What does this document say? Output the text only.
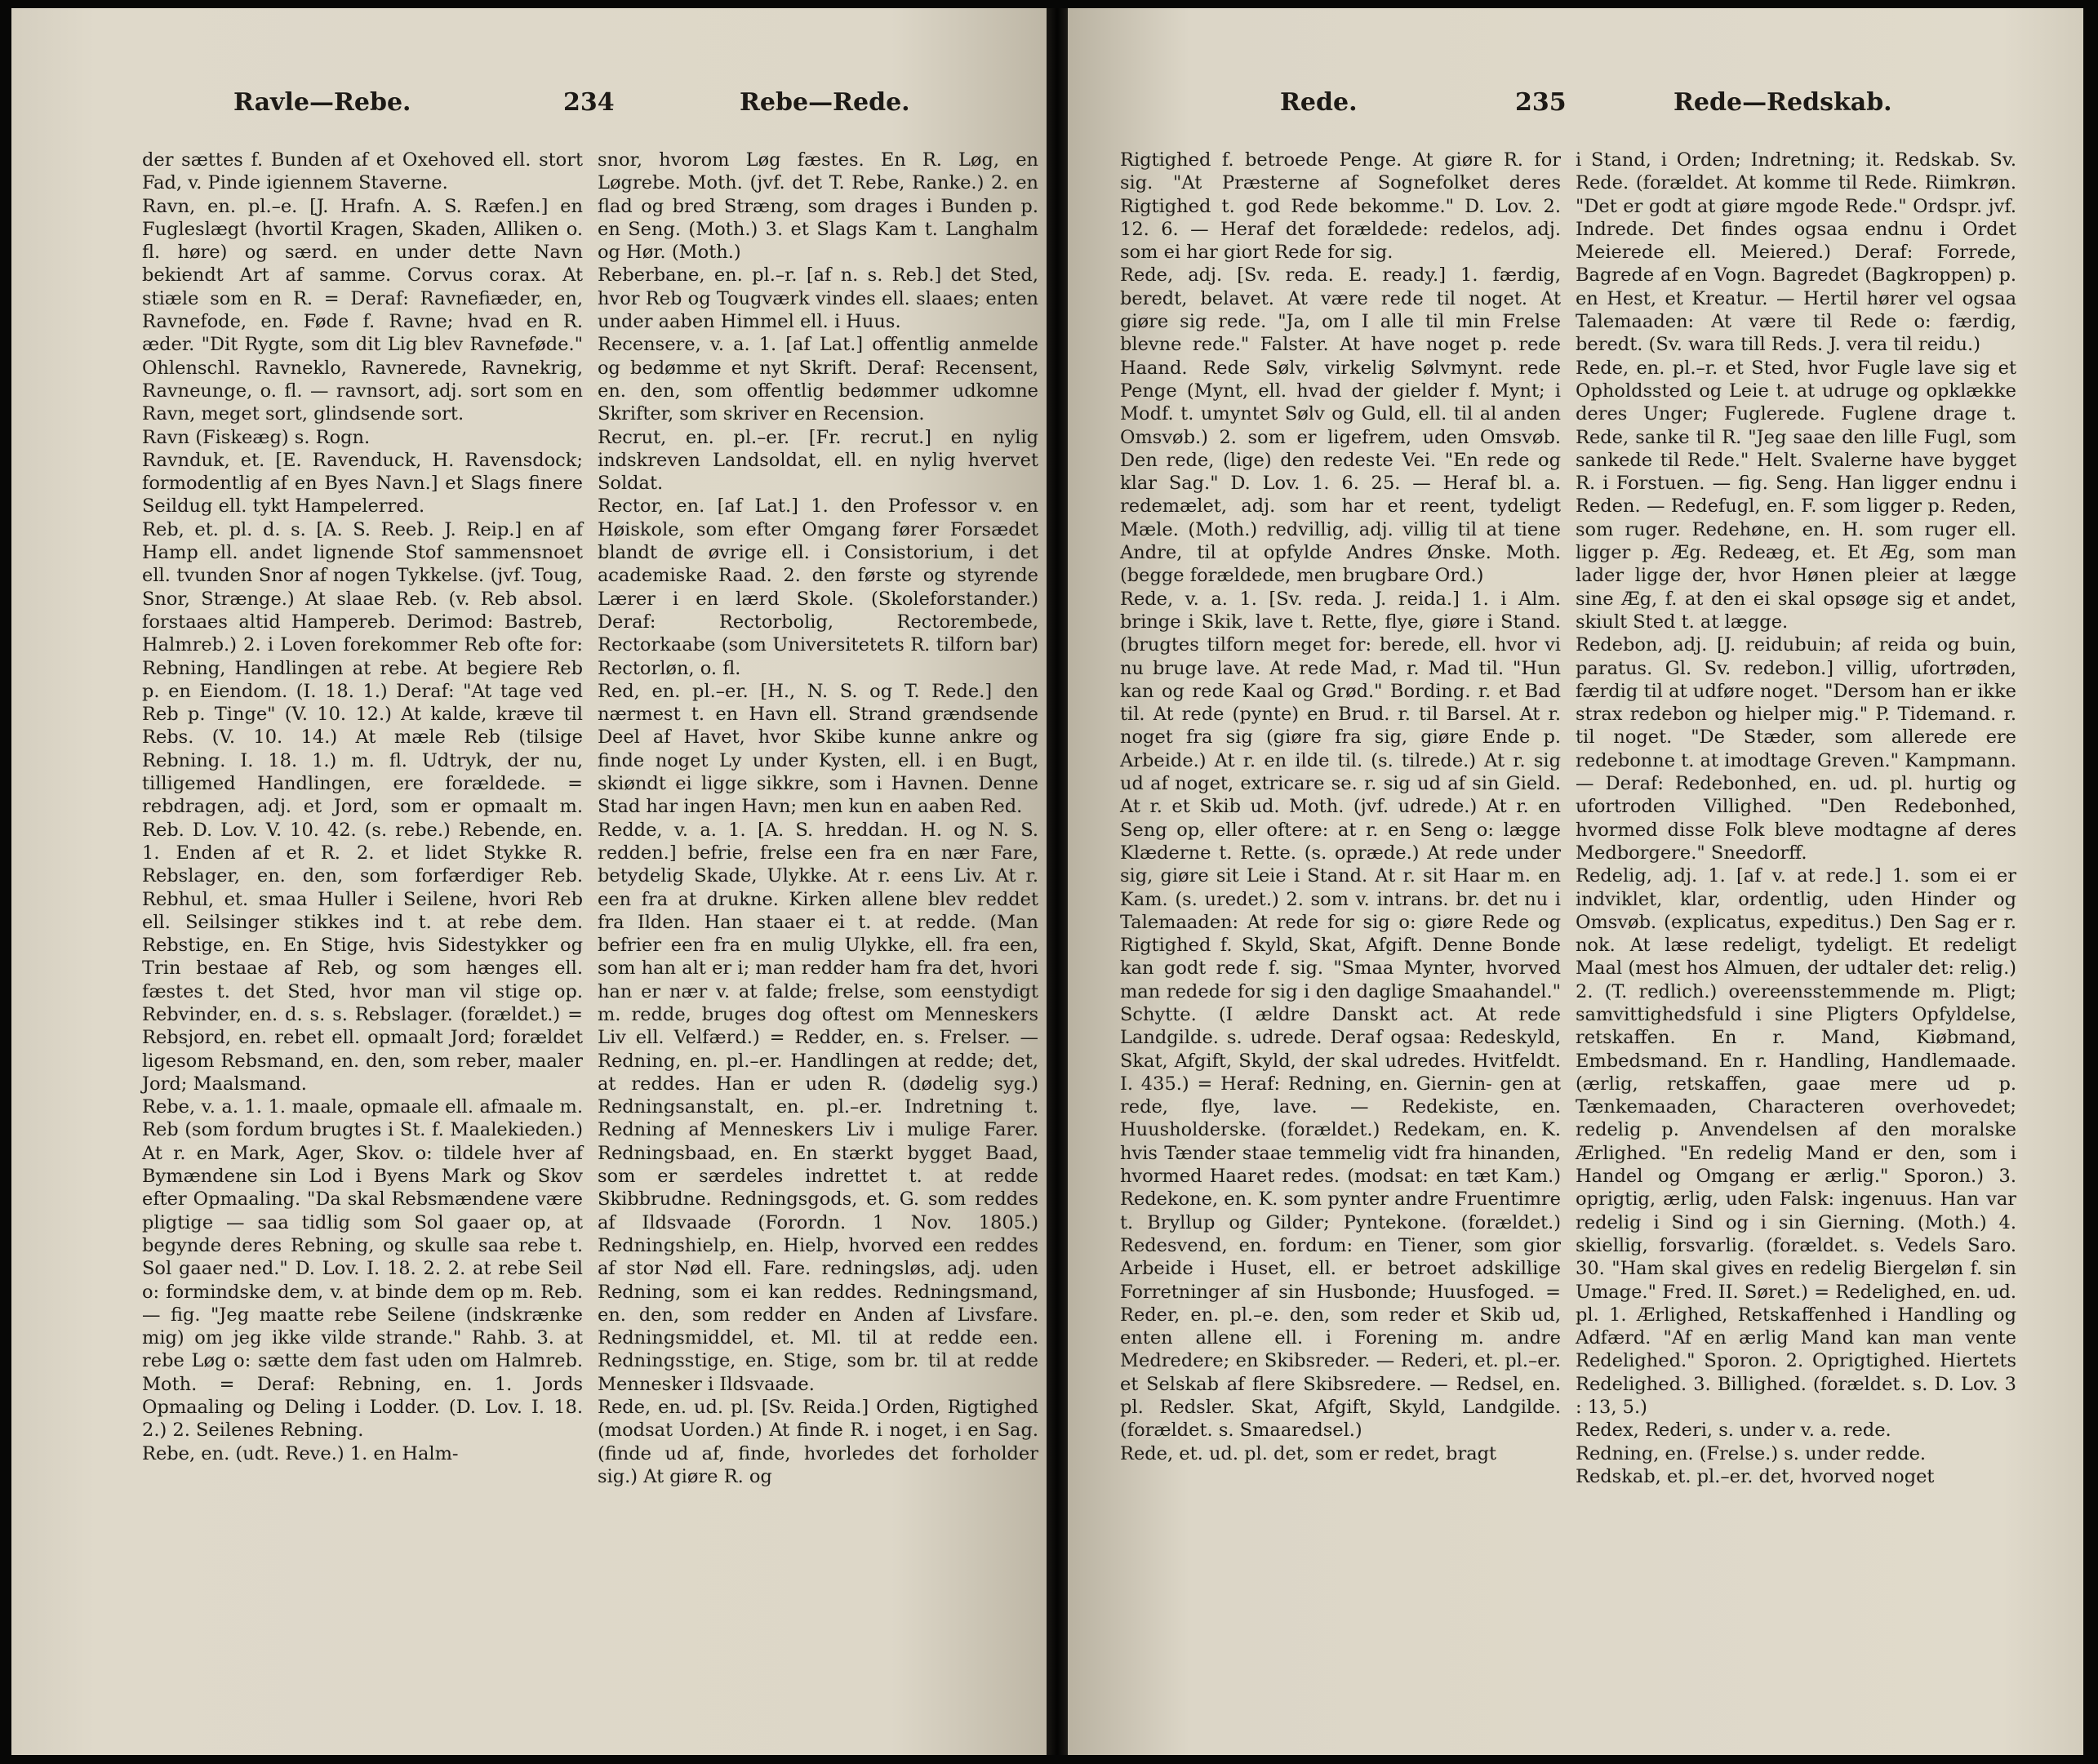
Ravle—Rebe.	234	Rebe—Rede.
der sættes f. Bunden af et Oxehoved ell. stort Fad, v. Pinde igiennem Staverne.
Ravn, en. pl.–e. [J. Hrafn. A. S. Ræfen.] en Fugleslægt (hvortil Kragen, Skaden, Alliken o. fl. høre) og særd. en under dette Navn bekiendt Art af samme. Corvus corax. At stiæle som en R. = Deraf: Ravnefiæder, en, Ravnefode, en. Føde f. Ravne; hvad en R. æder. "Dit Rygte, som dit Lig blev Ravneføde." Ohlenschl. Ravneklo, Ravnerede, Ravnekrig, Ravneunge, o. fl. — ravnsort, adj. sort som en Ravn, meget sort, glindsende sort.
Ravn (Fiskeæg) s. Rogn.
Ravnduk, et. [E. Ravenduck, H. Ravensdock; formodentlig af en Byes Navn.] et Slags finere Seildug ell. tykt Hampelerred.
Reb, et. pl. d. s. [A. S. Reeb. J. Reip.] en af Hamp ell. andet lignende Stof sammensnoet ell. tvunden Snor af nogen Tykkelse. (jvf. Toug, Snor, Strænge.) At slaae Reb. (v. Reb absol. forstaaes altid Hampereb. Derimod: Bastreb, Halmreb.) 2. i Loven forekommer Reb ofte for: Rebning, Handlingen at rebe. At begiere Reb p. en Eiendom. (I. 18. 1.) Deraf: "At tage ved Reb p. Tinge" (V. 10. 12.) At kalde, kræve til Rebs. (V. 10. 14.) At mæle Reb (tilsige Rebning. I. 18. 1.) m. fl. Udtryk, der nu, tilligemed Handlingen, ere forældede. = rebdragen, adj. et Jord, som er opmaalt m. Reb. D. Lov. V. 10. 42. (s. rebe.) Rebende, en. 1. Enden af et R. 2. et lidet Stykke R. Rebslager, en. den, som forfærdiger Reb. Rebhul, et. smaa Huller i Seilene, hvori Reb ell. Seilsinger stikkes ind t. at rebe dem. Rebstige, en. En Stige, hvis Sidestykker og Trin bestaae af Reb, og som hænges ell. fæstes t. det Sted, hvor man vil stige op. Rebvinder, en. d. s. s. Rebslager. (forældet.) = Rebsjord, en. rebet ell. opmaalt Jord; forældet ligesom Rebsmand, en. den, som reber, maaler Jord; Maalsmand.
Rebe, v. a. 1. 1. maale, opmaale ell. afmaale m. Reb (som fordum brugtes i St. f. Maalekieden.) At r. en Mark, Ager, Skov. o: tildele hver af Bymændene sin Lod i Byens Mark og Skov efter Opmaaling. "Da skal Rebsmændene være pligtige — saa tidlig som Sol gaaer op, at begynde deres Rebning, og skulle saa rebe t. Sol gaaer ned." D. Lov. I. 18. 2. 2. at rebe Seil o: formindske dem, v. at binde dem op m. Reb. — fig. "Jeg maatte rebe Seilene (indskrænke mig) om jeg ikke vilde strande." Rahb. 3. at rebe Løg o: sætte dem fast uden om Halmreb. Moth. = Deraf: Rebning, en. 1. Jords Opmaaling og Deling i Lodder. (D. Lov. I. 18. 2.) 2. Seilenes Rebning.
Rebe, en. (udt. Reve.) 1. en Halm-
snor, hvorom Løg fæstes. En R. Løg, en Løgrebe. Moth. (jvf. det T. Rebe, Ranke.) 2. en flad og bred Stræng, som drages i Bunden p. en Seng. (Moth.) 3. et Slags Kam t. Langhalm og Hør. (Moth.)
Reberbane, en. pl.–r. [af n. s. Reb.] det Sted, hvor Reb og Tougværk vindes ell. slaaes; enten under aaben Himmel ell. i Huus.
Recensere, v. a. 1. [af Lat.] offentlig anmelde og bedømme et nyt Skrift. Deraf: Recensent, en. den, som offentlig bedømmer udkomne Skrifter, som skriver en Recension.
Recrut, en. pl.–er. [Fr. recrut.] en nylig indskreven Landsoldat, ell. en nylig hvervet Soldat.
Rector, en. [af Lat.] 1. den Professor v. en Høiskole, som efter Omgang fører Forsædet blandt de øvrige ell. i Consistorium, i det academiske Raad. 2. den første og styrende Lærer i en lærd Skole. (Skoleforstander.) Deraf: Rectorbolig, Rectorembede, Rectorkaabe (som Universitetets R. tilforn bar) Rectorløn, o. fl.
Red, en. pl.–er. [H., N. S. og T. Rede.] den nærmest t. en Havn ell. Strand grændsende Deel af Havet, hvor Skibe kunne ankre og finde noget Ly under Kysten, ell. i en Bugt, skiøndt ei ligge sikkre, som i Havnen. Denne Stad har ingen Havn; men kun en aaben Red.
Redde, v. a. 1. [A. S. hreddan. H. og N. S. redden.] befrie, frelse een fra en nær Fare, betydelig Skade, Ulykke. At r. eens Liv. At r. een fra at drukne. Kirken allene blev reddet fra Ilden. Han staaer ei t. at redde. (Man befrier een fra en mulig Ulykke, ell. fra een, som han alt er i; man redder ham fra det, hvori han er nær v. at falde; frelse, som eenstydigt m. redde, bruges dog oftest om Menneskers Liv ell. Velfærd.) = Redder, en. s. Frelser. — Redning, en. pl.–er. Handlingen at redde; det, at reddes. Han er uden R. (dødelig syg.) Redningsanstalt, en. pl.–er. Indretning t. Redning af Menneskers Liv i mulige Farer. Redningsbaad, en. En stærkt bygget Baad, som er særdeles indrettet t. at redde Skibbrudne. Redningsgods, et. G. som reddes af Ildsvaade (Forordn. 1 Nov. 1805.) Redningshielp, en. Hielp, hvorved een reddes af stor Nød ell. Fare. redningsløs, adj. uden Redning, som ei kan reddes. Redningsmand, en. den, som redder en Anden af Livsfare. Redningsmiddel, et. Ml. til at redde een. Redningsstige, en. Stige, som br. til at redde Mennesker i Ildsvaade.
Rede, en. ud. pl. [Sv. Reida.] Orden, Rigtighed (modsat Uorden.) At finde R. i noget, i en Sag. (finde ud af, finde, hvorledes det forholder sig.) At giøre R. og
Rede.	235	Rede—Redskab.
Rigtighed f. betroede Penge. At giøre R. for sig. "At Præsterne af Sognefolket deres Rigtighed t. god Rede bekomme." D. Lov. 2. 12. 6. — Heraf det forældede: redelos, adj. som ei har giort Rede for sig.
Rede, adj. [Sv. reda. E. ready.] 1. færdig, beredt, belavet. At være rede til noget. At giøre sig rede. "Ja, om I alle til min Frelse blevne rede." Falster. At have noget p. rede Haand. Rede Sølv, virkelig Sølvmynt. rede Penge (Mynt, ell. hvad der gielder f. Mynt; i Modf. t. umyntet Sølv og Guld, ell. til al anden Omsvøb.) 2. som er ligefrem, uden Omsvøb. Den rede, (lige) den redeste Vei. "En rede og klar Sag." D. Lov. 1. 6. 25. — Heraf bl. a. redemælet, adj. som har et reent, tydeligt Mæle. (Moth.) redvillig, adj. villig til at tiene Andre, til at opfylde Andres Ønske. Moth. (begge forældede, men brugbare Ord.)
Rede, v. a. 1. [Sv. reda. J. reida.] 1. i Alm. bringe i Skik, lave t. Rette, flye, giøre i Stand. (brugtes tilforn meget for: berede, ell. hvor vi nu bruge lave. At rede Mad, r. Mad til. "Hun kan og rede Kaal og Grød." Bording. r. et Bad til. At rede (pynte) en Brud. r. til Barsel. At r. noget fra sig (giøre fra sig, giøre Ende p. Arbeide.) At r. en ilde til. (s. tilrede.) At r. sig ud af noget, extricare se. r. sig ud af sin Gield. At r. et Skib ud. Moth. (jvf. udrede.) At r. en Seng op, eller oftere: at r. en Seng o: lægge Klæderne t. Rette. (s. opræde.) At rede under sig, giøre sit Leie i Stand. At r. sit Haar m. en Kam. (s. uredet.) 2. som v. intrans. br. det nu i Talemaaden: At rede for sig o: giøre Rede og Rigtighed f. Skyld, Skat, Afgift. Denne Bonde kan godt rede f. sig. "Smaa Mynter, hvorved man redede for sig i den daglige Smaahandel." Schytte. (I ældre Danskt act. At rede Landgilde. s. udrede. Deraf ogsaa: Redeskyld, Skat, Afgift, Skyld, der skal udredes. Hvitfeldt. I. 435.) = Heraf: Redning, en. Giernin- gen at rede, flye, lave. — Redekiste, en. Huusholderske. (forældet.) Redekam, en. K. hvis Tænder staae temmelig vidt fra hinanden, hvormed Haaret redes. (modsat: en tæt Kam.) Redekone, en. K. som pynter andre Fruentimre t. Bryllup og Gilder; Pyntekone. (forældet.) Redesvend, en. fordum: en Tiener, som gior Arbeide i Huset, ell. er betroet adskillige Forretninger af sin Husbonde; Huusfoged. = Reder, en. pl.–e. den, som reder et Skib ud, enten allene ell. i Forening m. andre Medredere; en Skibsreder. — Rederi, et. pl.–er. et Selskab af flere Skibsredere. — Redsel, en. pl. Redsler. Skat, Afgift, Skyld, Landgilde. (forældet. s. Smaaredsel.)
Rede, et. ud. pl. det, som er redet, bragt
i Stand, i Orden; Indretning; it. Redskab. Sv. Rede. (forældet. At komme til Rede. Riimkrøn. "Det er godt at giøre mgode Rede." Ordspr. jvf. Indrede. Det findes ogsaa endnu i Ordet Meierede ell. Meiered.) Deraf: Forrede, Bagrede af en Vogn. Bagredet (Bagkroppen) p. en Hest, et Kreatur. — Hertil hører vel ogsaa Talemaaden: At være til Rede o: færdig, beredt. (Sv. wara till Reds. J. vera til reidu.)
Rede, en. pl.–r. et Sted, hvor Fugle lave sig et Opholdssted og Leie t. at udruge og opklække deres Unger; Fuglerede. Fuglene drage t. Rede, sanke til R. "Jeg saae den lille Fugl, som sankede til Rede." Helt. Svalerne have bygget R. i Forstuen. — fig. Seng. Han ligger endnu i Reden. — Redefugl, en. F. som ligger p. Reden, som ruger. Redehøne, en. H. som ruger ell. ligger p. Æg. Redeæg, et. Et Æg, som man lader ligge der, hvor Hønen pleier at lægge sine Æg, f. at den ei skal opsøge sig et andet, skiult Sted t. at lægge.
Redebon, adj. [J. reidubuin; af reida og buin, paratus. Gl. Sv. redebon.] villig, ufortrøden, færdig til at udføre noget. "Dersom han er ikke strax redebon og hielper mig." P. Tidemand. r. til noget. "De Stæder, som allerede ere redebonne t. at imodtage Greven." Kampmann. — Deraf: Redebonhed, en. ud. pl. hurtig og ufortroden Villighed. "Den Redebonhed, hvormed disse Folk bleve modtagne af deres Medborgere." Sneedorff.
Redelig, adj. 1. [af v. at rede.] 1. som ei er indviklet, klar, ordentlig, uden Hinder og Omsvøb. (explicatus, expeditus.) Den Sag er r. nok. At læse redeligt, tydeligt. Et redeligt Maal (mest hos Almuen, der udtaler det: relig.) 2. (T. redlich.) overeensstemmende m. Pligt; samvittighedsfuld i sine Pligters Opfyldelse, retskaffen. En r. Mand, Kiøbmand, Embedsmand. En r. Handling, Handlemaade. (ærlig, retskaffen, gaae mere ud p. Tænkemaaden, Characteren overhovedet; redelig p. Anvendelsen af den moralske Ærlighed. "En redelig Mand er den, som i Handel og Omgang er ærlig." Sporon.) 3. oprigtig, ærlig, uden Falsk: ingenuus. Han var redelig i Sind og i sin Gierning. (Moth.) 4. skiellig, forsvarlig. (forældet. s. Vedels Saro. 30. "Ham skal gives en redelig Biergeløn f. sin Umage." Fred. II. Søret.) = Redelighed, en. ud. pl. 1. Ærlighed, Retskaffenhed i Handling og Adfærd. "Af en ærlig Mand kan man vente Redelighed." Sporon. 2. Oprigtighed. Hiertets Redelighed. 3. Billighed. (forældet. s. D. Lov. 3 : 13, 5.)
Redex, Rederi, s. under v. a. rede.
Redning, en. (Frelse.) s. under redde.
Redskab, et. pl.–er. det, hvorved noget
